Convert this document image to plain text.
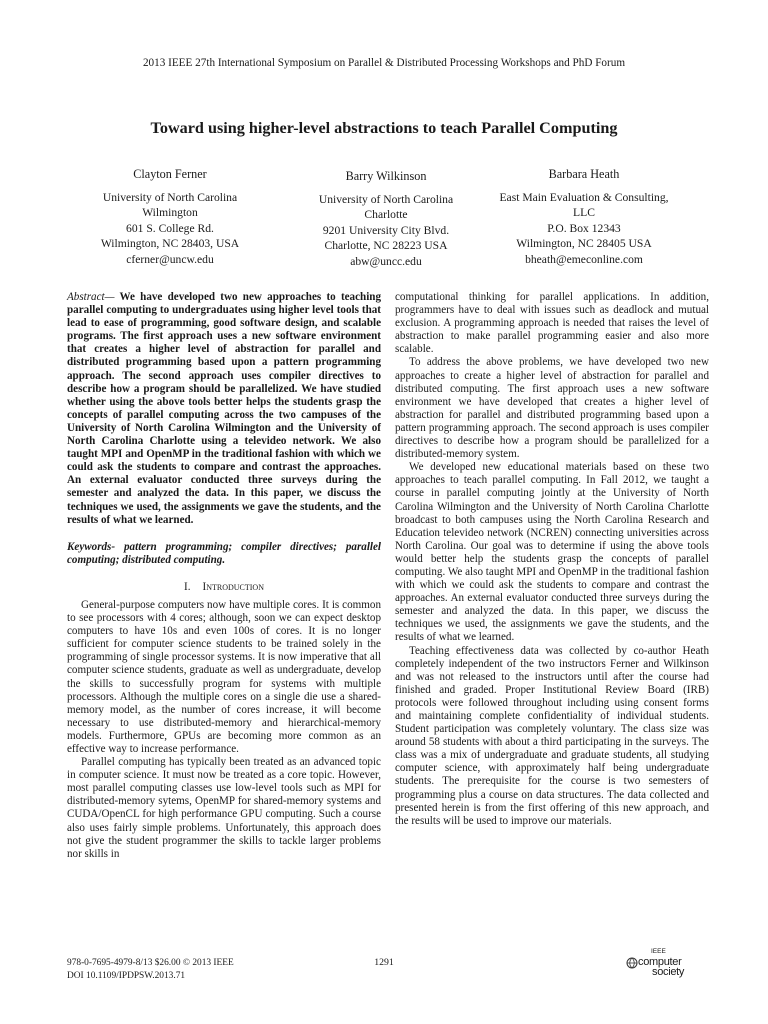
2013 IEEE 27th International Symposium on Parallel & Distributed Processing Workshops and PhD Forum
Toward using higher-level abstractions to teach Parallel Computing
Clayton Ferner
University of North Carolina
Wilmington
601 S. College Rd.
Wilmington, NC 28403, USA
cferner@uncw.edu
Barry Wilkinson
University of North Carolina
Charlotte
9201 University City Blvd.
Charlotte, NC 28223 USA
abw@uncc.edu
Barbara Heath
East Main Evaluation & Consulting,
LLC
P.O. Box 12343
Wilmington, NC 28405 USA
bheath@emeconline.com

Abstract— We have developed two new approaches to teaching parallel computing to undergraduates using higher level tools that lead to ease of programming, good software design, and scalable programs. The first approach uses a new software environment that creates a higher level of abstraction for parallel and distributed programming based upon a pattern programming approach. The second approach uses compiler directives to describe how a program should be parallelized. We have studied whether using the above tools better helps the students grasp the concepts of parallel computing across the two campuses of the University of North Carolina Wilmington and the University of North Carolina Charlotte using a televideo network. We also taught MPI and OpenMP in the traditional fashion with which we could ask the students to compare and contrast the approaches. An external evaluator conducted three surveys during the semester and analyzed the data. In this paper, we discuss the techniques we used, the assignments we gave the students, and the results of what we learned.

Keywords- pattern programming; compiler directives; parallel computing; distributed computing.

I. Introduction

General-purpose computers now have multiple cores. It is common to see processors with 4 cores; although, soon we can expect desktop computers to have 10s and even 100s of cores. It is no longer sufficient for computer science students to be trained solely in the programming of single processor systems. It is now imperative that all computer science students, graduate as well as undergraduate, develop the skills to successfully program for systems with multiple processors. Although the multiple cores on a single die use a shared-memory model, as the number of cores increase, it will become necessary to use distributed-memory and hierarchical-memory models. Furthermore, GPUs are becoming more common as an effective way to increase performance.

Parallel computing has typically been treated as an advanced topic in computer science. It must now be treated as a core topic. However, most parallel computing classes use low-level tools such as MPI for distributed-memory sytems, OpenMP for shared-memory systems and CUDA/OpenCL for high performance GPU computing. Such a course also uses fairly simple problems. Unfortunately, this approach does not give the student programmer the skills to tackle larger problems nor skills in

computational thinking for parallel applications. In addition, programmers have to deal with issues such as deadlock and mutual exclusion. A programming approach is needed that raises the level of abstraction to make parallel programming easier and also more scalable.

To address the above problems, we have developed two new approaches to create a higher level of abstraction for parallel and distributed computing. The first approach uses a new software environment we have developed that creates a higher level of abstraction for parallel and distributed programming based upon a pattern programming approach. The second approach is uses compiler directives to describe how a program should be parallelized for a distributed-memory system.

We developed new educational materials based on these two approaches to teach parallel computing. In Fall 2012, we taught a course in parallel computing jointly at the University of North Carolina Wilmington and the University of North Carolina Charlotte broadcast to both campuses using the North Carolina Research and Education televideo network (NCREN) connecting universities across North Carolina. Our goal was to determine if using the above tools would better help the students grasp the concepts of parallel computing. We also taught MPI and OpenMP in the traditional fashion with which we could ask the students to compare and contrast the approaches. An external evaluator conducted three surveys during the semester and analyzed the data. In this paper, we discuss the techniques we used, the assignments we gave the students, and the results of what we learned.

Teaching effectiveness data was collected by co-author Heath completely independent of the two instructors Ferner and Wilkinson and was not released to the instructors until after the course had finished and graded. Proper Institutional Review Board (IRB) protocols were followed throughout including using consent forms and maintaining complete confidentiality of individual students. Student participation was completely voluntary. The class size was around 58 students with about a third participating in the surveys. The class was a mix of undergraduate and graduate students, all studying computer science, with approximately half being undergraduate students. The prerequisite for the course is two semesters of programming plus a course on data structures. The data collected and presented herein is from the first offering of this new approach, and the results will be used to improve our materials.

978-0-7695-4979-8/13 $26.00 © 2013 IEEE
DOI 10.1109/IPDPSW.2013.71
1291
IEEE
computer
society
